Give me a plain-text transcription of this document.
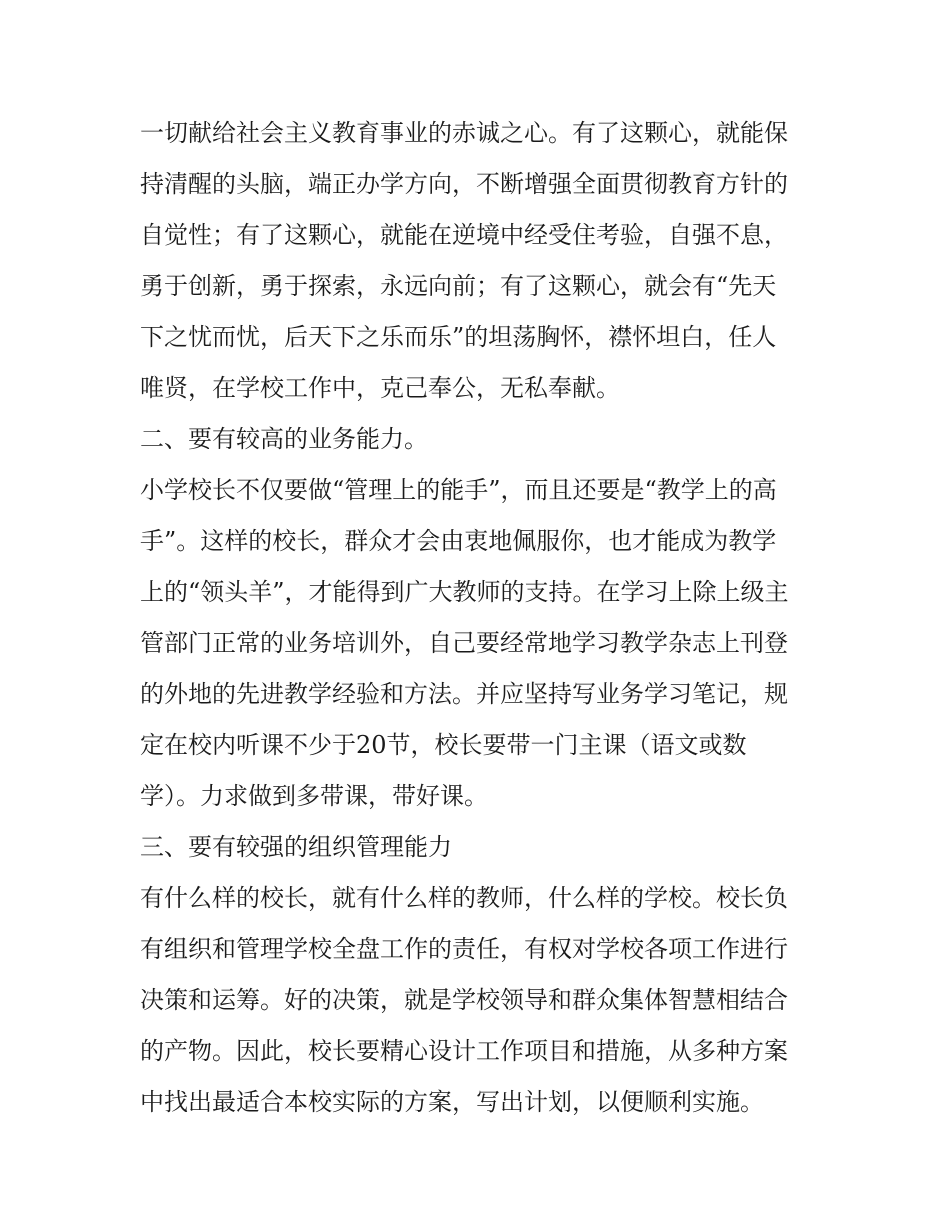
一切献给社会主义教育事业的赤诚之心。有了这颗心，就能保
持清醒的头脑，端正办学方向，不断增强全面贯彻教育方针的
自觉性；有了这颗心，就能在逆境中经受住考验，自强不息，
勇于创新，勇于探索，永远向前；有了这颗心，就会有“先天
下之忧而忧，后天下之乐而乐”的坦荡胸怀，襟怀坦白，任人
唯贤，在学校工作中，克己奉公，无私奉献。
二、要有较高的业务能力。
小学校长不仅要做“管理上的能手”，而且还要是“教学上的高
手”。这样的校长，群众才会由衷地佩服你，也才能成为教学
上的“领头羊”，才能得到广大教师的支持。在学习上除上级主
管部门正常的业务培训外，自己要经常地学习教学杂志上刊登
的外地的先进教学经验和方法。并应坚持写业务学习笔记，规
定在校内听课不少于20节，校长要带一门主课（语文或数
学）。力求做到多带课，带好课。
三、要有较强的组织管理能力
有什么样的校长，就有什么样的教师，什么样的学校。校长负
有组织和管理学校全盘工作的责任，有权对学校各项工作进行
决策和运筹。好的决策，就是学校领导和群众集体智慧相结合
的产物。因此，校长要精心设计工作项目和措施，从多种方案
中找出最适合本校实际的方案，写出计划，以便顺利实施。
